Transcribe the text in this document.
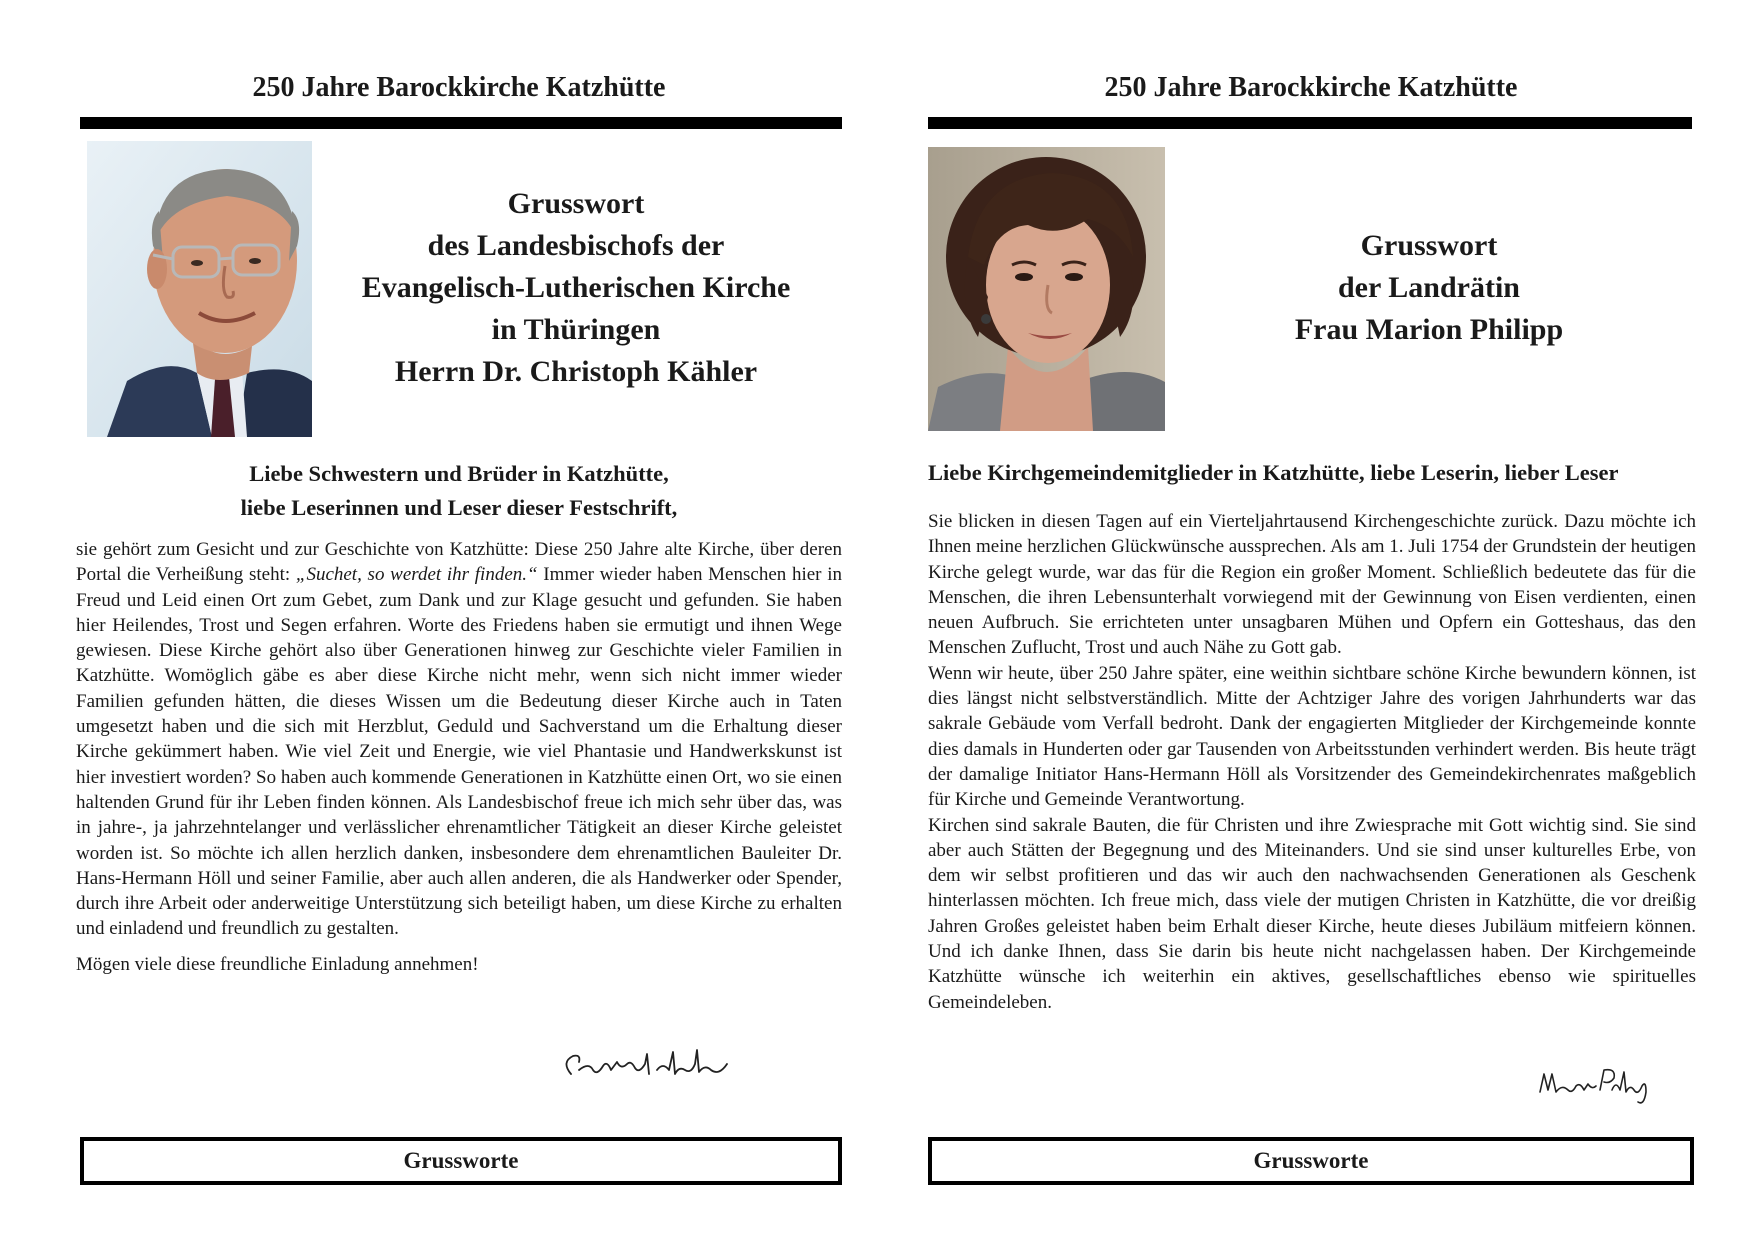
250 Jahre Barockkirche Katzhütte
Grusswort
des Landesbischofs der
Evangelisch-Lutherischen Kirche
in Thüringen
Herrn Dr. Christoph Kähler
Liebe Schwestern und Brüder in Katzhütte,
liebe Leserinnen und Leser dieser Festschrift,

sie gehört zum Gesicht und zur Geschichte von Katzhütte: Diese 250 Jahre alte Kirche, über deren Portal die Verheißung steht: „Suchet, so werdet ihr finden.“ Immer wieder haben Menschen hier in Freud und Leid einen Ort zum Gebet, zum Dank und zur Klage gesucht und gefunden. Sie haben hier Heilendes, Trost und Segen erfahren. Worte des Friedens haben sie ermutigt und ihnen Wege gewiesen. Diese Kirche gehört also über Generationen hinweg zur Geschichte vieler Familien in Katzhütte. Womöglich gäbe es aber diese Kirche nicht mehr, wenn sich nicht immer wieder Familien gefunden hätten, die dieses Wissen um die Bedeutung dieser Kirche auch in Taten umgesetzt haben und die sich mit Herzblut, Geduld und Sachverstand um die Erhaltung dieser Kirche gekümmert haben. Wie viel Zeit und Energie, wie viel Phantasie und Handwerkskunst ist hier investiert worden? So haben auch kommende Generationen in Katzhütte einen Ort, wo sie einen haltenden Grund für ihr Leben finden können. Als Landesbischof freue ich mich sehr über das, was in jahre-, ja jahrzehntelanger und verlässlicher ehrenamtlicher Tätigkeit an dieser Kirche geleistet worden ist. So möchte ich allen herzlich danken, insbesondere dem ehrenamtlichen Bauleiter Dr. Hans-Hermann Höll und seiner Familie, aber auch allen anderen, die als Handwerker oder Spender, durch ihre Arbeit oder anderweitige Unterstützung sich beteiligt haben, um diese Kirche zu erhalten und einladend und freundlich zu gestalten.

Mögen viele diese freundliche Einladung annehmen!

Grussworte
250 Jahre Barockkirche Katzhütte
Grusswort
der Landrätin
Frau Marion Philipp
Liebe Kirchgemeindemitglieder in Katzhütte, liebe Leserin, lieber Leser

Sie blicken in diesen Tagen auf ein Vierteljahrtausend Kirchengeschichte zurück. Dazu möchte ich Ihnen meine herzlichen Glückwünsche aussprechen. Als am 1. Juli 1754 der Grundstein der heutigen Kirche gelegt wurde, war das für die Region ein großer Moment. Schließlich bedeutete das für die Menschen, die ihren Lebensunterhalt vorwiegend mit der Gewinnung von Eisen verdienten, einen neuen Aufbruch. Sie errichteten unter unsagbaren Mühen und Opfern ein Gotteshaus, das den Menschen Zuflucht, Trost und auch Nähe zu Gott gab.

Wenn wir heute, über 250 Jahre später, eine weithin sichtbare schöne Kirche bewundern können, ist dies längst nicht selbstverständlich. Mitte der Achtziger Jahre des vorigen Jahrhunderts war das sakrale Gebäude vom Verfall bedroht. Dank der engagierten Mitglieder der Kirchgemeinde konnte dies damals in Hunderten oder gar Tausenden von Arbeitsstunden verhindert werden. Bis heute trägt der damalige Initiator Hans-Hermann Höll als Vorsitzender des Gemeindekirchenrates maßgeblich für Kirche und Gemeinde Verantwortung.

Kirchen sind sakrale Bauten, die für Christen und ihre Zwiesprache mit Gott wichtig sind. Sie sind aber auch Stätten der Begegnung und des Miteinanders. Und sie sind unser kulturelles Erbe, von dem wir selbst profitieren und das wir auch den nachwachsenden Generationen als Geschenk hinterlassen möchten. Ich freue mich, dass viele der mutigen Christen in Katzhütte, die vor dreißig Jahren Großes geleistet haben beim Erhalt dieser Kirche, heute dieses Jubiläum mitfeiern können. Und ich danke Ihnen, dass Sie darin bis heute nicht nachgelassen haben. Der Kirchgemeinde Katzhütte wünsche ich weiterhin ein aktives, gesellschaftliches ebenso wie spirituelles Gemeindeleben.

Grussworte
